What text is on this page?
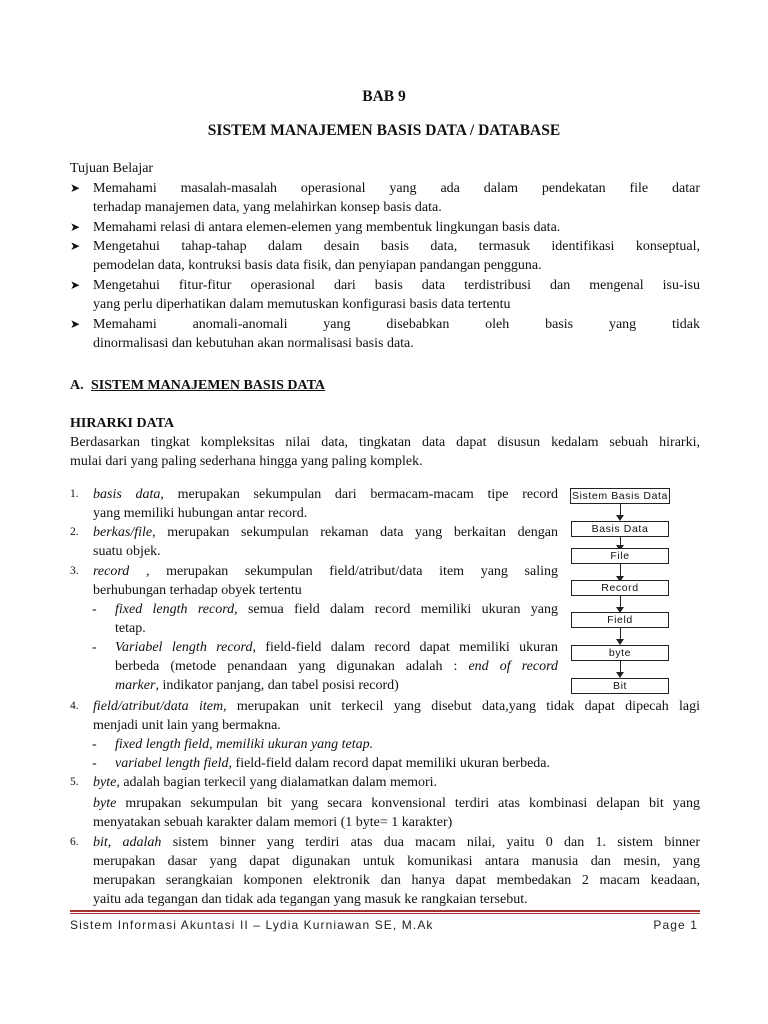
BAB 9
SISTEM MANAJEMEN BASIS DATA / DATABASE
Tujuan Belajar
➤ Memahami masalah-masalah operasional yang ada dalam pendekatan file datar
terhadap manajemen data, yang melahirkan konsep basis data.
➤ Memahami relasi di antara elemen-elemen yang membentuk lingkungan basis data.
➤ Mengetahui tahap-tahap dalam desain basis data, termasuk identifikasi konseptual,
pemodelan data, kontruksi basis data fisik, dan penyiapan pandangan pengguna.
➤ Mengetahui fitur-fitur operasional dari basis data terdistribusi dan mengenal isu-isu
yang perlu diperhatikan dalam memutuskan konfigurasi basis data tertentu
➤ Memahami anomali-anomali yang disebabkan oleh basis yang tidak
dinormalisasi dan kebutuhan akan normalisasi basis data.
A. SISTEM MANAJEMEN BASIS DATA
HIRARKI DATA
Berdasarkan tingkat kompleksitas nilai data, tingkatan data dapat disusun kedalam sebuah hirarki,
mulai dari yang paling sederhana hingga yang paling komplek.
1. basis data, merupakan sekumpulan dari bermacam-macam tipe record
yang memiliki hubungan antar record.
2. berkas/file, merupakan sekumpulan rekaman data yang berkaitan dengan
suatu objek.
3. record , merupakan sekumpulan field/atribut/data item yang saling
berhubungan terhadap obyek tertentu
- fixed length record, semua field dalam record memiliki ukuran yang
tetap.
- Variabel length record, field-field dalam record dapat memiliki ukuran
berbeda (metode penandaan yang digunakan adalah : end of record
marker, indikator panjang, dan tabel posisi record)
4. field/atribut/data item, merupakan unit terkecil yang disebut data,yang tidak dapat dipecah lagi
menjadi unit lain yang bermakna.
- fixed length field, memiliki ukuran yang tetap.
- variabel length field, field-field dalam record dapat memiliki ukuran berbeda.
5. byte, adalah bagian terkecil yang dialamatkan dalam memori.
byte mrupakan sekumpulan bit yang secara konvensional terdiri atas kombinasi delapan bit yang
menyatakan sebuah karakter dalam memori (1 byte= 1 karakter)
6. bit, adalah sistem binner yang terdiri atas dua macam nilai, yaitu 0 dan 1. sistem binner
merupakan dasar yang dapat digunakan untuk komunikasi antara manusia dan mesin, yang
merupakan serangkaian komponen elektronik dan hanya dapat membedakan 2 macam keadaan,
yaitu ada tegangan dan tidak ada tegangan yang masuk ke rangkaian tersebut.
Sistem Basis Data
Basis Data
File
Record
Field
byte
Bit
Sistem Informasi Akuntasi II – Lydia Kurniawan SE, M.Ak	Page 1
